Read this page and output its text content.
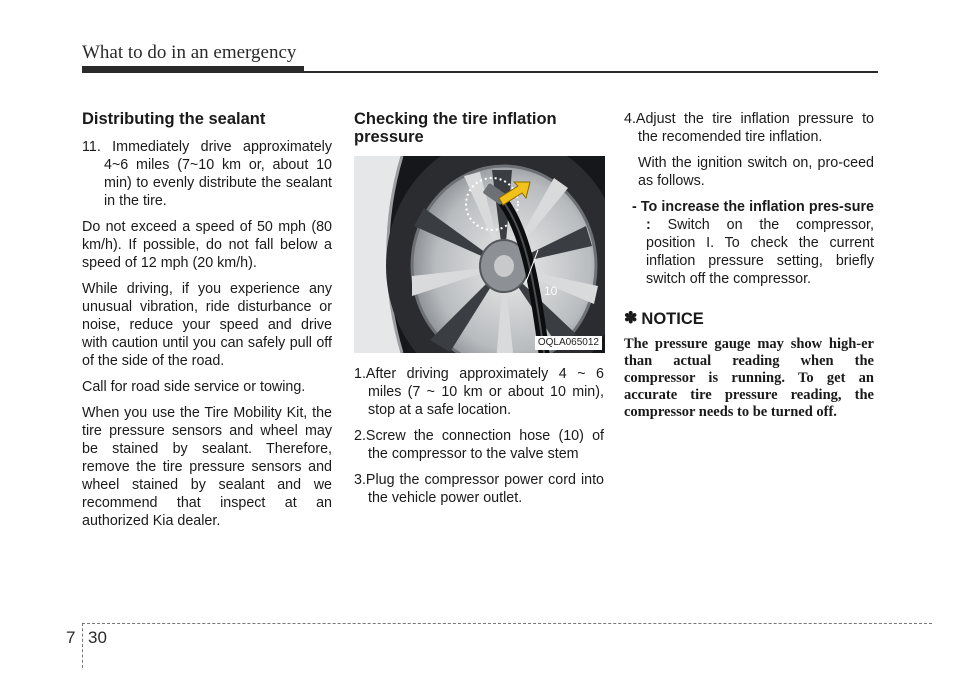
What to do in an emergency
Distributing the sealant

11. Immediately drive approximately 4~6 miles (7~10 km or, about 10 min) to evenly distribute the sealant in the tire.

Do not exceed a speed of 50 mph (80 km/h). If possible, do not fall below a speed of 12 mph (20 km/h).

While driving, if you experience any unusual vibration, ride disturbance or noise, reduce your speed and drive with caution until you can safely pull off of the side of the road.

Call for road side service or towing.

When you use the Tire Mobility Kit, the tire pressure sensors and wheel may be stained by sealant. Therefore, remove the tire pressure sensors and wheel stained by sealant and we recommend that inspect at an authorized Kia dealer.

Checking the tire inflation pressure
10
OQLA065012

1.After driving approximately 4 ~ 6 miles (7 ~ 10 km or about 10 min), stop at a safe location.

2.Screw the connection hose (10) of the compressor to the valve stem

3.Plug the compressor power cord into the vehicle power outlet.

4.Adjust the tire inflation pressure to the recomended tire inflation.

With the ignition switch on, pro-ceed as follows.

- To increase the inflation pres-sure : Switch on the compressor, position I. To check the current inflation pressure setting, briefly switch off the compressor.

✽ NOTICE
The pressure gauge may show high-er than actual reading when the compressor is running. To get an accurate tire pressure reading, the compressor needs to be turned off.
7 30
